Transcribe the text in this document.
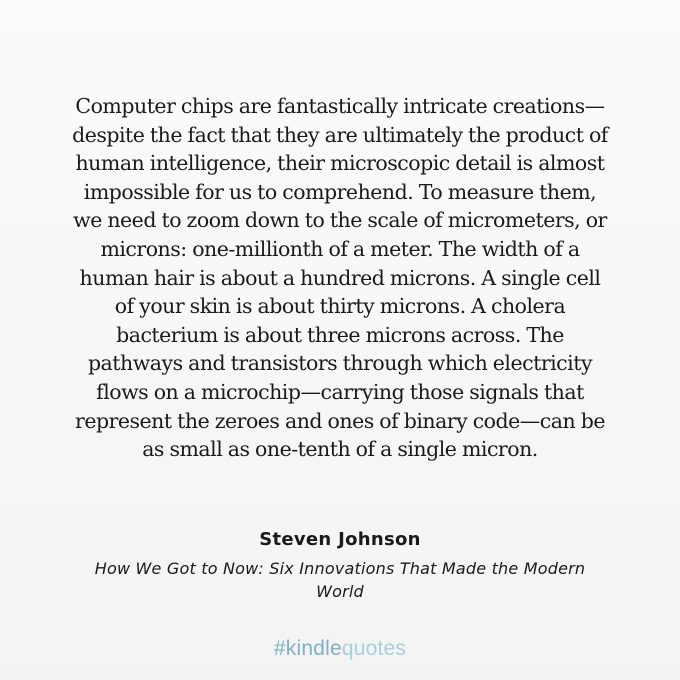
Computer chips are fantastically intricate creations—
despite the fact that they are ultimately the product of
human intelligence, their microscopic detail is almost
impossible for us to comprehend. To measure them,
we need to zoom down to the scale of micrometers, or
microns: one-millionth of a meter. The width of a
human hair is about a hundred microns. A single cell
of your skin is about thirty microns. A cholera
bacterium is about three microns across. The
pathways and transistors through which electricity
flows on a microchip—carrying those signals that
represent the zeroes and ones of binary code—can be
as small as one-tenth of a single micron.

Steven Johnson
How We Got to Now: Six Innovations That Made the Modern
World
#kindlequotes
